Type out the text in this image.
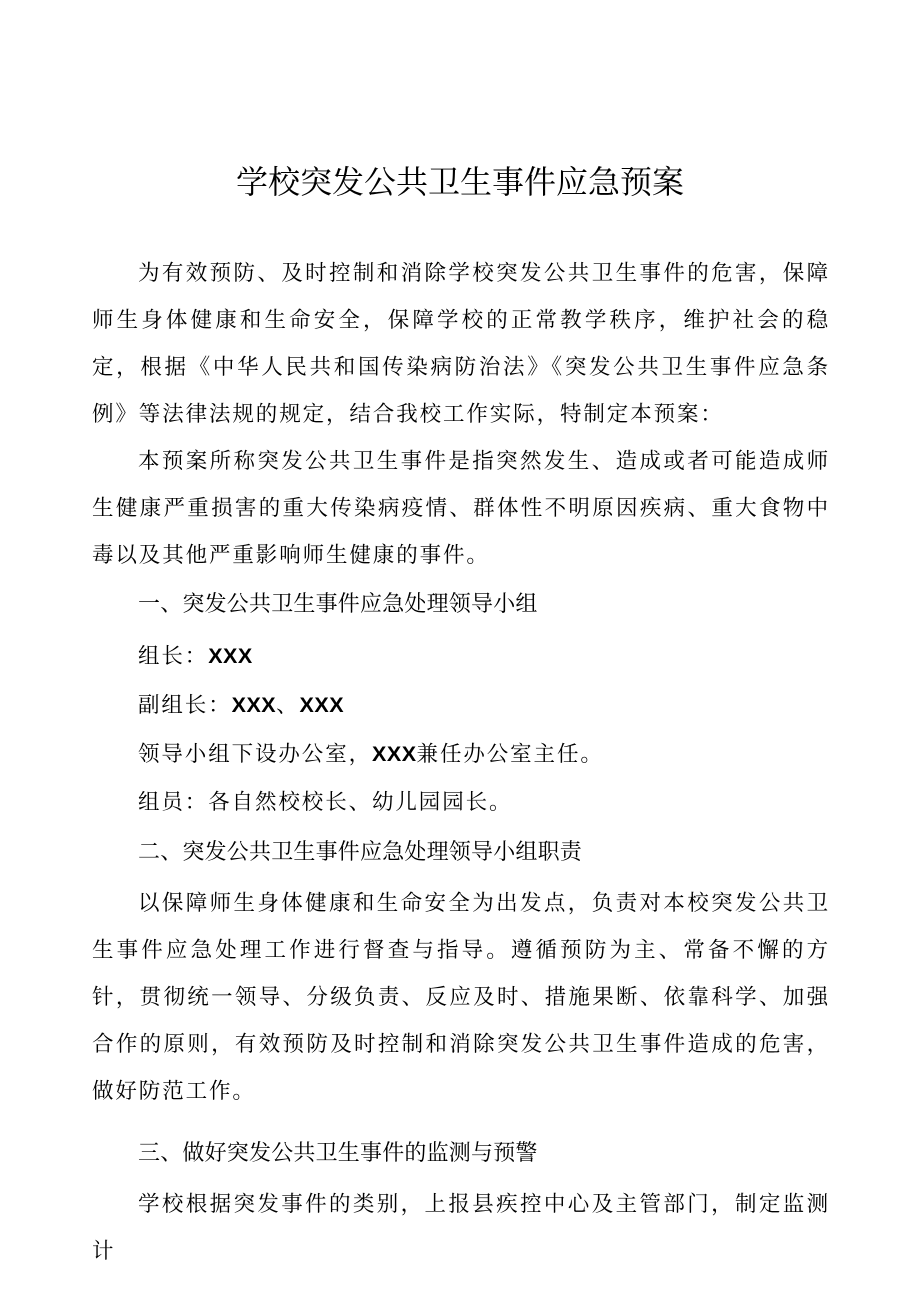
学校突发公共卫生事件应急预案

为有效预防、及时控制和消除学校突发公共卫生事件的危害，保障师生身体健康和生命安全，保障学校的正常教学秩序，维护社会的稳定，根据《中华人民共和国传染病防治法》《突发公共卫生事件应急条例》等法律法规的规定，结合我校工作实际，特制定本预案：

本预案所称突发公共卫生事件是指突然发生、造成或者可能造成师生健康严重损害的重大传染病疫情、群体性不明原因疾病、重大食物中毒以及其他严重影响师生健康的事件。

一、突发公共卫生事件应急处理领导小组

组长：XXX

副组长：XXX、XXX

领导小组下设办公室，XXX兼任办公室主任。

组员：各自然校校长、幼儿园园长。

二、突发公共卫生事件应急处理领导小组职责

以保障师生身体健康和生命安全为出发点，负责对本校突发公共卫生事件应急处理工作进行督查与指导。遵循预防为主、常备不懈的方针，贯彻统一领导、分级负责、反应及时、措施果断、依靠科学、加强合作的原则，有效预防及时控制和消除突发公共卫生事件造成的危害，做好防范工作。

三、做好突发公共卫生事件的监测与预警

学校根据突发事件的类别，上报县疾控中心及主管部门，制定监测计
